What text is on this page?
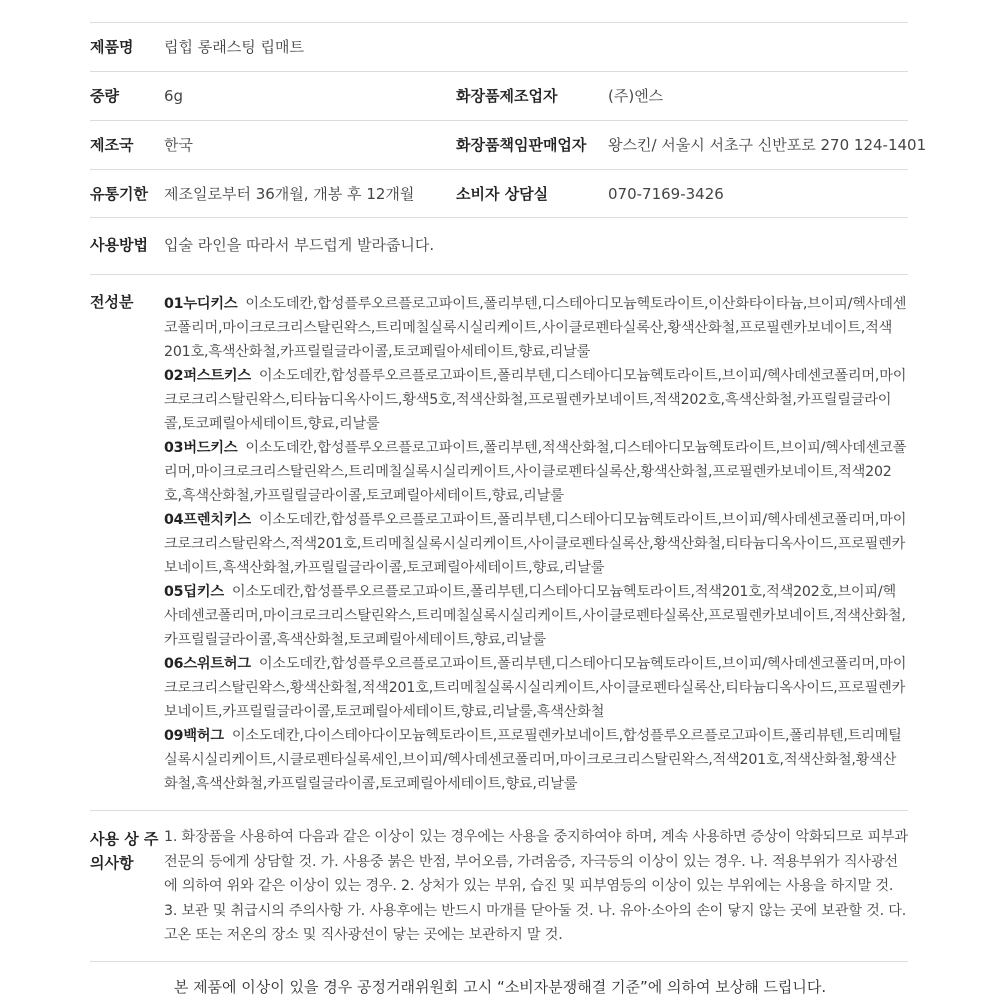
제품명 립힙 롱래스팅 립매트
중량	6g	화장품제조업자	(주)엔스
제조국 한국	화장품책임판매업자 왕스킨/ 서울시 서초구 신반포로 270 124-1401
유통기한 제조일로부터 36개월, 개봉 후 12개월	소비자 상담실	070-7169-3426
사용방법 입술 라인을 따라서 부드럽게 발라줍니다.
전성분 01누디키스 이소도데칸,합성플루오르플로고파이트,폴리부텐,디스테아디모늄헥토라이트,이산화타이타늄,브이피/헥사데센코폴리머,마이크로크리스탈린왁스,트리메칠실록시실리케이트,사이클로펜타실록산,황색산화철,프로필렌카보네이트,적색201호,흑색산화철,카프릴릴글라이콜,토코페릴아세테이트,향료,리날룰

02퍼스트키스 이소도데칸,합성플루오르플로고파이트,폴리부텐,디스테아디모늄헥토라이트,브이피/헥사데센코폴리머,마이크로크리스탈린왁스,티타늄디옥사이드,황색5호,적색산화철,프로필렌카보네이트,적색202호,흑색산화철,카프릴릴글라이콜,토코페릴아세테이트,향료,리날룰

03버드키스 이소도데칸,합성플루오르플로고파이트,폴리부텐,적색산화철,디스테아디모늄헥토라이트,브이피/헥사데센코폴리머,마이크로크리스탈린왁스,트리메칠실록시실리케이트,사이클로펜타실록산,황색산화철,프로필렌카보네이트,적색202호,흑색산화철,카프릴릴글라이콜,토코페릴아세테이트,향료,리날룰

04프렌치키스 이소도데칸,합성플루오르플로고파이트,폴리부텐,디스테아디모늄헥토라이트,브이피/헥사데센코폴리머,마이크로크리스탈린왁스,적색201호,트리메칠실록시실리케이트,사이클로펜타실록산,황색산화철,티타늄디옥사이드,프로필렌카보네이트,흑색산화철,카프릴릴글라이콜,토코페릴아세테이트,향료,리날룰

05딥키스 이소도데칸,합성플루오르플로고파이트,폴리부텐,디스테아디모늄헥토라이트,적색201호,적색202호,브이피/헥사데센코폴리머,마이크로크리스탈린왁스,트리메칠실록시실리케이트,사이클로펜타실록산,프로필렌카보네이트,적색산화철,카프릴릴글라이콜,흑색산화철,토코페릴아세테이트,향료,리날룰

06스위트허그 이소도데칸,합성플루오르플로고파이트,폴리부텐,디스테아디모늄헥토라이트,브이피/헥사데센코폴리머,마이크로크리스탈린왁스,황색산화철,적색201호,트리메칠실록시실리케이트,사이클로펜타실록산,티타늄디옥사이드,프로필렌카보네이트,카프릴릴글라이콜,토코페릴아세테이트,향료,리날룰,흑색산화철

09백허그 이소도데칸,다이스테아다이모늄헥토라이트,프로필렌카보네이트,합성플루오르플로고파이트,폴리뷰텐,트리메틸실록시실리케이트,시클로펜타실록세인,브이피/헥사데센코폴리머,마이크로크리스탈린왁스,적색201호,적색산화철,황색산화철,흑색산화철,카프릴릴글라이콜,토코페릴아세테이트,향료,리날룰

사용 상 주의사항
1. 화장품을 사용하여 다음과 같은 이상이 있는 경우에는 사용을 중지하여야 하며, 계속 사용하면 증상이 악화되므로 피부과 전문의 등에게 상담할 것. 가. 사용중 붉은 반점, 부어오름, 가려움증, 자극등의 이상이 있는 경우. 나. 적용부위가 직사광선에 의하여 위와 같은 이상이 있는 경우. 2. 상처가 있는 부위, 습진 및 피부염등의 이상이 있는 부위에는 사용을 하지말 것. 3. 보관 및 취급시의 주의사항 가. 사용후에는 반드시 마개를 닫아둘 것. 나. 유아·소아의 손이 닿지 않는 곳에 보관할 것. 다. 고온 또는 저온의 장소 및 직사광선이 닿는 곳에는 보관하지 말 것.
본 제품에 이상이 있을 경우 공정거래위원회 고시 “소비자분쟁해결 기준”에 의하여 보상해 드립니다.
